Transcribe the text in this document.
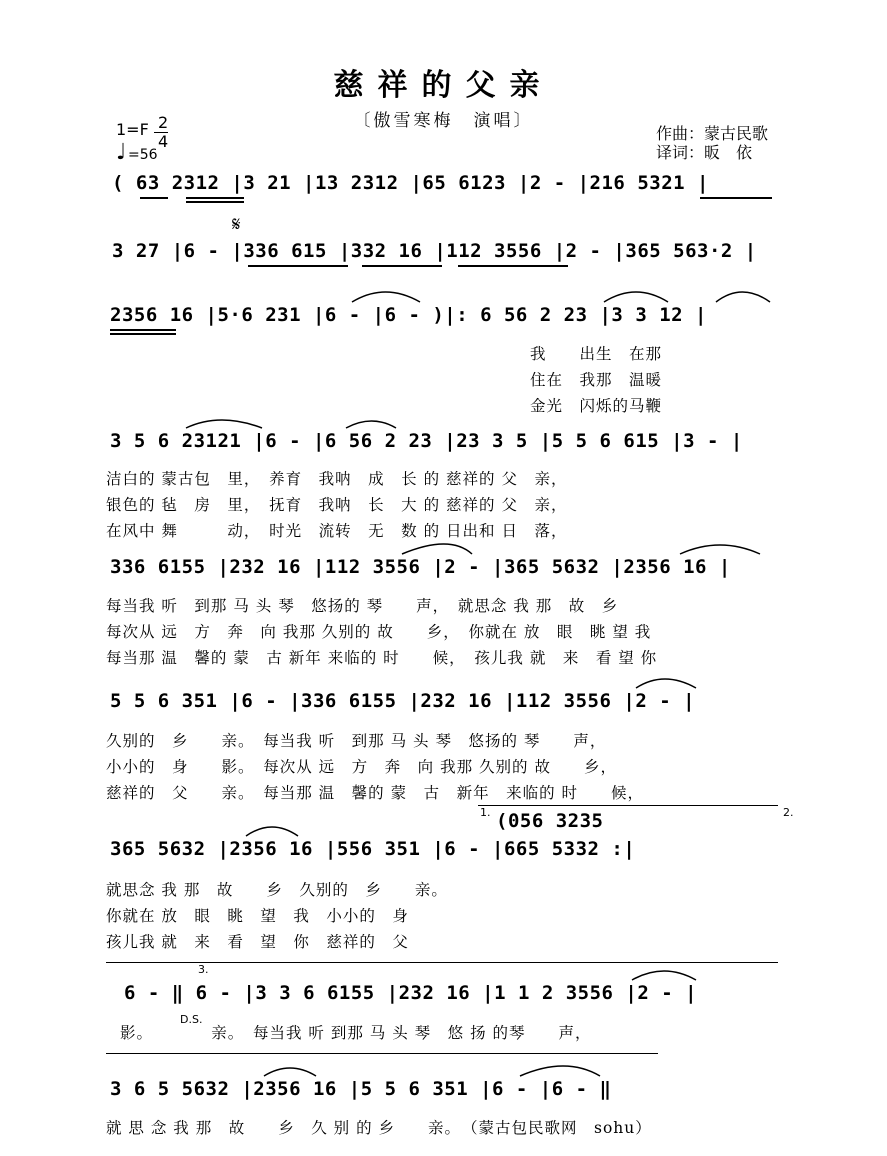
慈祥的父亲
〔傲雪寒梅　演唱〕
1=F 2
4
♩ =56
作曲：蒙古民歌
译词：昄　依
( 63 2312 |3 21 |13 2312 |65 6123 |2 - |216 5321 |
𝄋
3 27 |6 - |336 615 |332 16 |112 3556 |2 - |365 563·2 |
2356 16 |5·6 231 |6 - |6 - )|: 6 56 2 23 |3 3 12 |
我　　出生　在那
住在　我那　温暖
金光　闪烁的马鞭
3 5 6 23121 |6 - |6 56 2 23 |23 3 5 |5 5 6 615 |3 - |
洁白的 蒙古包　里，　养育　我呐　成　长 的 慈祥的 父　亲，
银色的 毡　房　里，　抚育　我呐　长　大 的 慈祥的 父　亲，
在风中 舞　　　动，　时光　流转　无　数 的 日出和 日　落，
336 6155 |232 16 |112 3556 |2 - |365 5632 |2356 16 |
每当我 听　到那 马 头 琴　悠扬的 琴　　声，　就思念 我 那　故　乡
每次从 远　方　奔　向 我那 久别的 故　　乡，　你就在 放　眼　眺 望 我
每当那 温　馨的 蒙　古 新年 来临的 时　　候，　孩儿我 就　来　看 望 你
5 5 6 351 |6 - |336 6155 |232 16 |112 3556 |2 - |
久别的　乡　　亲。　每当我 听　到那 马 头 琴　悠扬的 琴　　声，
小小的　身　　影。　每次从 远　方　奔　向 我那 久别的 故　　乡，
慈祥的　父　　亲。　每当那 温　馨的 蒙　古　新年　来临的 时　　候，
1.	2.
(056 3235
365 5632 |2356 16 |556 351 |6 - |665 5332 :|
就思念 我 那　故　　乡　久别的　乡　　亲。
你就在 放　眼　眺　望　我　小小的　身
孩儿我 就　来　看　望　你　慈祥的　父
3.
6 - ‖ 6 - |3 3 6 6155 |232 16 |1 1 2 3556 |2 - |
D.S.
影。　　　　亲。　每当我 听 到那 马 头 琴　悠 扬 的琴　　声，
3 6 5 5632 |2356 16 |5 5 6 351 |6 - |6 - ‖
就 思 念 我 那　故　　乡　久 别 的 乡　　亲。　（蒙古包民歌网　sohu）
